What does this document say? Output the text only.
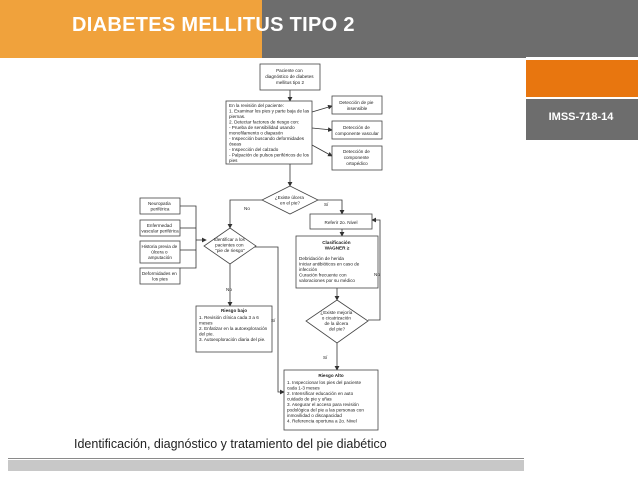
DIABETES MELLITUS TIPO 2
IMSS-718-14
Paciente con diagnóstico de diabetes mellitus tipo 2
En la revisión del paciente: 1. Examinar los pies y parte baja de las piernas. 2. Detectar factores de riesgo con: - Prueba de sensibilidad usando monofilamento o diapasón - Inspección buscando deformidades óseas - Inspección del calzado - Palpación de pulsos periféricos de los pies
Detección de pie insensible
Detección de componente vascular
Detección de componente ortopédico
¿Existe úlcera en el pie?
No
Sí
Referir 2o. Nivel
Neuropatía periférica
Enfermedad vascular periférica
Historia previa de úlcera o amputación
Deformidades en los pies
Identificar a los pacientes con "pie de riesgo"
Clasificación WAGNER ≥
Debridación de herida Iniciar antibióticos en caso de infección Curación frecuente con valoraciones por su médico
No
No
Sí
Riesgo bajo
1. Revisión clínica cada 3 a 6 meses 2. Enfatizar en la autoexploración del pie. 3. Autoexploración diaria del pie.
¿Existe mejoría o cicatrización de la úlcera del pie?
Sí
Riesgo Alto
1. Inspeccionar los pies del paciente cada 1-3 meses 2. Intensificar educación en auto cuidado de pie y uñas 3. Asegurar el acceso para revisión podológica del pie a las personas con inmovilidad o discapacidad 4. Referencia oportuna a 2o. Nivel
Identificación, diagnóstico y tratamiento del pie diabético
